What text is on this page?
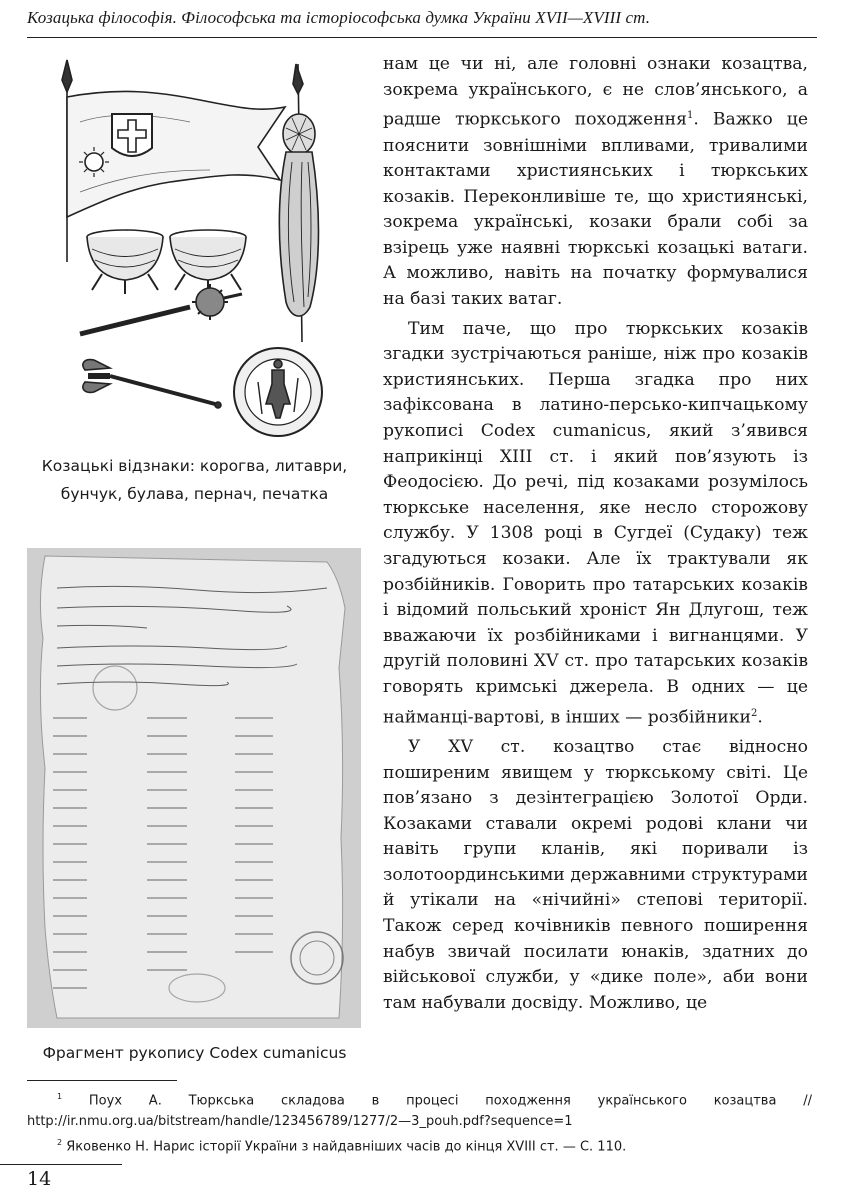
Козацька філософія. Філософська та історіософська думка України XVII—XVIII ст.
Козацькі відзнаки: корогва, литаври, бунчук, булава, пернач, печатка
Фрагмент рукопису Codex cumanicus

нам це чи ні, але головні ознаки козацтва, зокрема українського, є не слов’янського, а радше тюркського походження$^1$. Важко це пояснити зовнішніми впливами, тривалими контактами християнських і тюркських козаків. Переконливіше те, що християнські, зокрема українські, козаки брали собі за взірець уже наявні тюркські козацькі ватаги. А можливо, навіть на початку формувалися на базі таких ватаг.

Тим паче, що про тюркських козаків згадки зустрічаються раніше, ніж про козаків християнських. Перша згадка про них зафіксована в латино-персько-кипчацькому рукописі Codex cumanicus, який з’явився наприкінці XIII ст. і який пов’язують із Феодосією. До речі, під козаками розумілось тюркське населення, яке несло сторожову службу. У 1308 році в Сугдеї (Судаку) теж згадуються козаки. Але їх трактували як розбійників. Говорить про татарських козаків і відомий польський хроніст Ян Длугош, теж вважаючи їх розбійниками і вигнанцями. У другій половині XV ст. про татарських козаків говорять кримські джерела. В одних — це найманці-вартові, в інших — розбійники$^2$.

У XV ст. козацтво стає відносно поширеним явищем у тюркському світі. Це пов’язано з дезінтеграцією Золотої Орди. Козаками ставали окремі родові клани чи навіть групи кланів, які поривали із золотоординськими державними структурами й утікали на «нічийні» степові території. Також серед кочівників певного поширення набув звичай посилати юнаків, здатних до військової служби, у «дике поле», аби вони там набували досвіду. Можливо, це

$^1$ Поух А. Тюркська складова в процесі походження українського козацтва // http://ir.nmu.org.ua/bitstream/handle/123456789/1277/2—3_pouh.pdf?sequence=1

$^2$ Яковенко Н. Нарис історії України з найдавніших часів до кінця XVIII ст. — С. 110.

14
